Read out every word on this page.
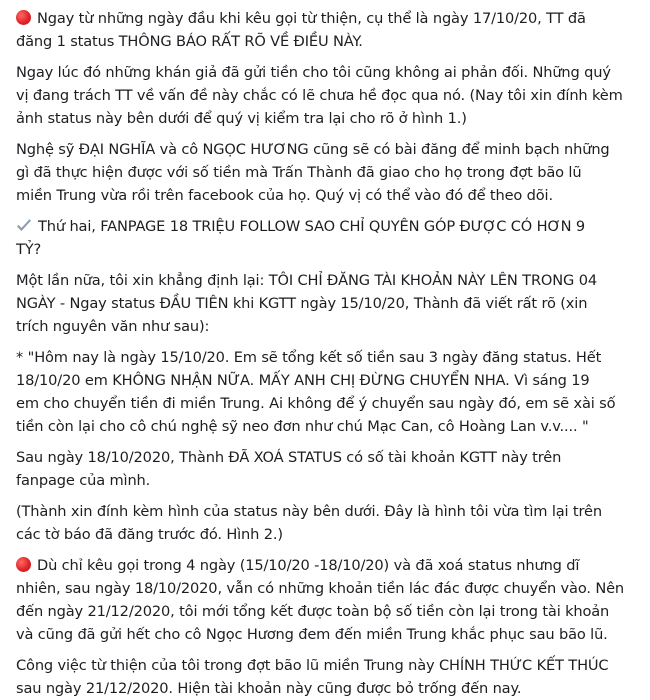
Ngay từ những ngày đầu khi kêu gọi từ thiện, cụ thể là ngày 17/10/20, TT đã
đăng 1 status THÔNG BÁO RẤT RÕ VỀ ĐIỀU NÀY.
Ngay lúc đó những khán giả đã gửi tiền cho tôi cũng không ai phản đối. Những quý
vị đang trách TT về vấn đề này chắc có lẽ chưa hề đọc qua nó. (Nay tôi xin đính kèm
ảnh status này bên dưới để quý vị kiểm tra lại cho rõ ở hình 1.)
Nghệ sỹ ĐẠI NGHĨA và cô NGỌC HƯƠNG cũng sẽ có bài đăng để minh bạch những
gì đã thực hiện được với số tiền mà Trấn Thành đã giao cho họ trong đợt bão lũ
miền Trung vừa rồi trên facebook của họ. Quý vị có thể vào đó để theo dõi.
Thứ hai, FANPAGE 18 TRIỆU FOLLOW SAO CHỈ QUYÊN GÓP ĐƯỢC CÓ HƠN 9
TỶ?
Một lần nữa, tôi xin khẳng định lại: TÔI CHỈ ĐĂNG TÀI KHOẢN NÀY LÊN TRONG 04
NGÀY - Ngay status ĐẦU TIÊN khi KGTT ngày 15/10/20, Thành đã viết rất rõ (xin
trích nguyên văn như sau):
* "Hôm nay là ngày 15/10/20. Em sẽ tổng kết số tiền sau 3 ngày đăng status. Hết
18/10/20 em KHÔNG NHẬN NỮA. MẤY ANH CHỊ ĐỪNG CHUYỂN NHA. Vì sáng 19
em cho chuyển tiền đi miền Trung. Ai không để ý chuyển sau ngày đó, em sẽ xài số
tiền còn lại cho cô chú nghệ sỹ neo đơn như chú Mạc Can, cô Hoàng Lan v.v.... "
Sau ngày 18/10/2020, Thành ĐÃ XOÁ STATUS có số tài khoản KGTT này trên
fanpage của mình.
(Thành xin đính kèm hình của status này bên dưới. Đây là hình tôi vừa tìm lại trên
các tờ báo đã đăng trước đó. Hình 2.)
Dù chỉ kêu gọi trong 4 ngày (15/10/20 -18/10/20) và đã xoá status nhưng dĩ
nhiên, sau ngày 18/10/2020, vẫn có những khoản tiền lác đác được chuyển vào. Nên
đến ngày 21/12/2020, tôi mới tổng kết được toàn bộ số tiền còn lại trong tài khoản
và cũng đã gửi hết cho cô Ngọc Hương đem đến miền Trung khắc phục sau bão lũ.
Công việc từ thiện của tôi trong đợt bão lũ miền Trung này CHÍNH THỨC KẾT THÚC
sau ngày 21/12/2020. Hiện tài khoản này cũng được bỏ trống đến nay.
